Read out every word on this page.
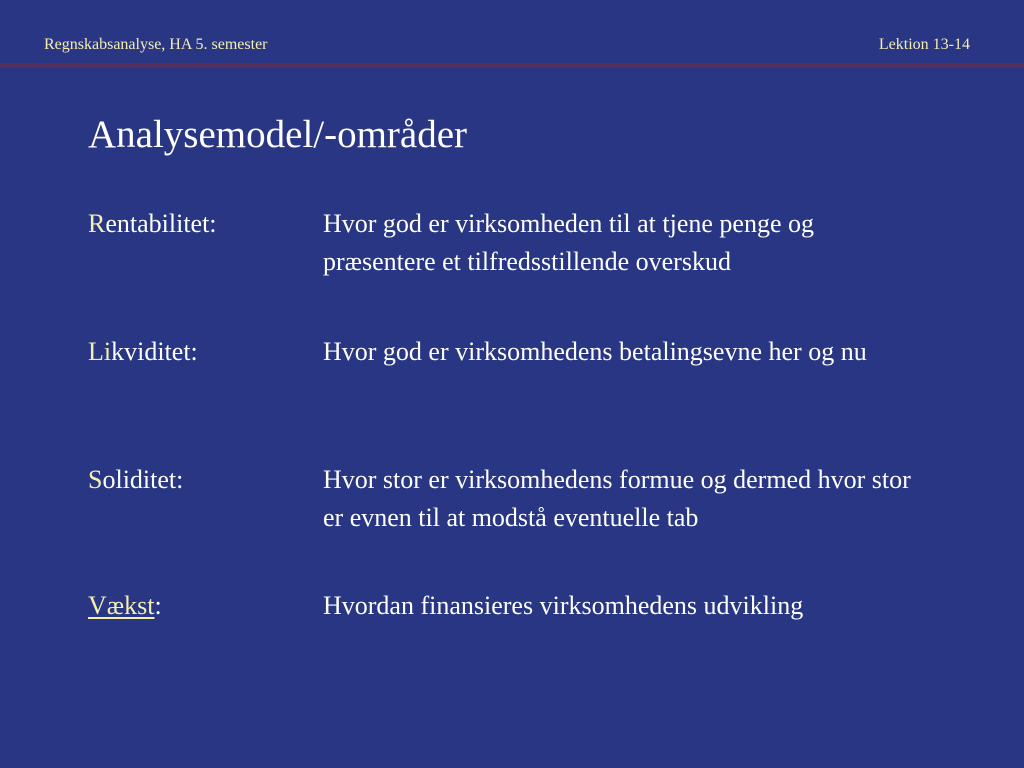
Regnskabsanalyse, HA 5. semester	Lektion 13-14
Analysemodel/-områder
Rentabilitet:	Hvor god er virksomheden til at tjene penge og præsentere et tilfredsstillende overskud
Likviditet:	Hvor god er virksomhedens betalingsevne her og nu
Soliditet:	Hvor stor er virksomhedens formue og dermed hvor stor er evnen til at modstå eventuelle tab
Vækst:	Hvordan finansieres virksomhedens udvikling
